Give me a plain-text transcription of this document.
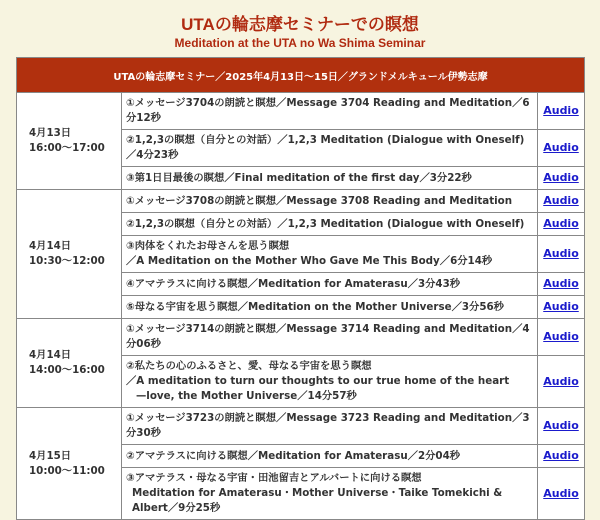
UTAの輪志摩セミナーでの瞑想
Meditation at the UTA no Wa Shima Seminar
UTAの輪志摩セミナー／2025年4月13日～15日／グランドメルキュール伊勢志摩		

4月13日
16:00～17:00	①メッセージ3704の朗読と瞑想／Message 3704 Reading and Meditation／6分12秒	Audio

	②1,2,3の瞑想（自分との対話）／1,2,3 Meditation (Dialogue with Oneself)／4分23秒	Audio

	③第1日目最後の瞑想／Final meditation of the first day／3分22秒	Audio

4月14日
10:30～12:00	①メッセージ3708の朗読と瞑想／Message 3708 Reading and Meditation	Audio

	②1,2,3の瞑想（自分との対話）／1,2,3 Meditation (Dialogue with Oneself)	Audio

	③肉体をくれたお母さんを思う瞑想
／A Meditation on the Mother Who Gave Me This Body／6分14秒	Audio

	④アマテラスに向ける瞑想／Meditation for Amaterasu／3分43秒	Audio

	⑤母なる宇宙を思う瞑想／Meditation on the Mother Universe／3分56秒	Audio

4月14日
14:00～16:00	①メッセージ3714の朗読と瞑想／Message 3714 Reading and Meditation／4分06秒	Audio

	②私たちの心のふるさと、愛、母なる宇宙を思う瞑想
／A meditation to turn our thoughts to our true home of the heart
—love, the Mother Universe／14分57秒	Audio

4月15日
10:00～11:00	①メッセージ3723の朗読と瞑想／Message 3723 Reading and Meditation／3分30秒	Audio

	②アマテラスに向ける瞑想／Meditation for Amaterasu／2分04秒	Audio

	③アマテラス・母なる宇宙・田池留吉とアルバートに向ける瞑想
Meditation for Amaterasu・Mother Universe・Taike Tomekichi & Albert／9分25秒	Audio
